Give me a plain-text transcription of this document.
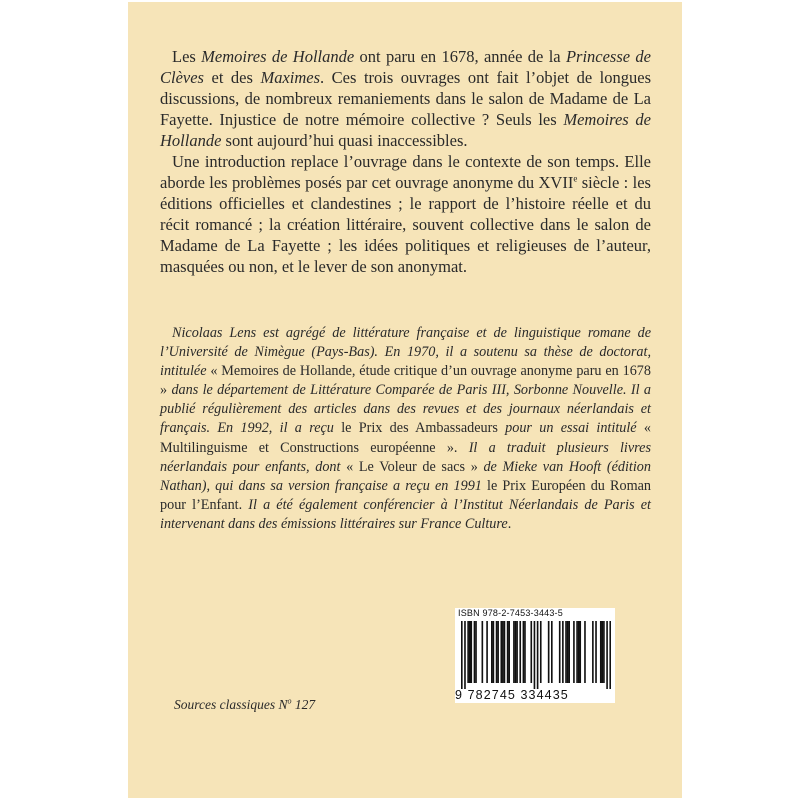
Les Memoires de Hollande ont paru en 1678, année de la Princesse de Clèves et des Maximes. Ces trois ouvrages ont fait l’objet de longues discussions, de nombreux remaniements dans le salon de Madame de La Fayette. Injustice de notre mémoire collective ? Seuls les Memoires de Hollande sont aujourd’hui quasi inaccessibles.

Une introduction replace l’ouvrage dans le contexte de son temps. Elle aborde les problèmes posés par cet ouvrage anonyme du XVIIe siècle : les éditions officielles et clandestines ; le rapport de l’histoire réelle et du récit romancé ; la création littéraire, souvent collective dans le salon de Madame de La Fayette ; les idées politiques et religieuses de l’auteur, masquées ou non, et le lever de son anonymat.

Nicolaas Lens est agrégé de littérature française et de linguistique romane de l’Université de Nimègue (Pays-Bas). En 1970, il a soutenu sa thèse de doctorat, intitulée « Memoires de Hollande, étude critique d’un ouvrage anonyme paru en 1678 » dans le département de Littérature Comparée de Paris III, Sorbonne Nouvelle. Il a publié régulièrement des articles dans des revues et des journaux néerlandais et français. En 1992, il a reçu le Prix des Ambassadeurs pour un essai intitulé « Multilinguisme et Constructions européenne ». Il a traduit plusieurs livres néerlandais pour enfants, dont « Le Voleur de sacs » de Mieke van Hooft (édition Nathan), qui dans sa version française a reçu en 1991 le Prix Européen du Roman pour l’Enfant. Il a été également conférencier à l’Institut Néerlandais de Paris et intervenant dans des émissions littéraires sur France Culture.

Sources classiques $N^o$ 127

ISBN 978-2-7453-3443-5
9 782745 334435
